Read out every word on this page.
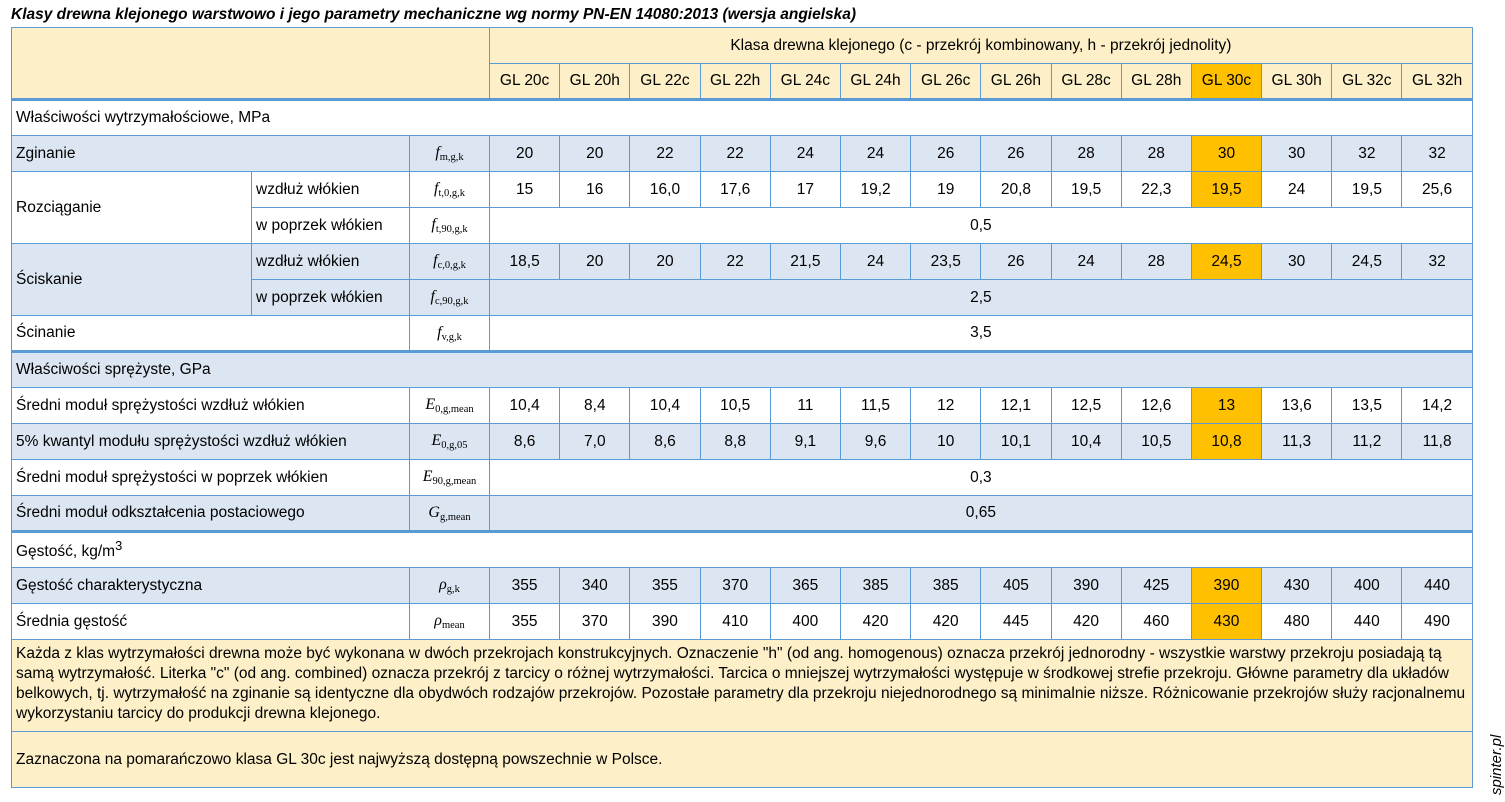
Klasy drewna klejonego warstwowo i jego parametry mechaniczne wg normy PN-EN 14080:2013 (wersja angielska)
			Klasa drewna klejonego (c - przekrój kombinowany, h - przekrój jednolity)													
			GL 20c	GL 20h	GL 22c	GL 22h	GL 24c	GL 24h	GL 26c	GL 26h	GL 28c	GL 28h	GL 30c	GL 30h	GL 32c	GL 32h
Właściwości wytrzymałościowe, MPa																
Zginanie		$f_{m,g,k}$	20	20	22	22	24	24	26	26	28	28	30	30	32	32
Rozciąganie	wzdłuż włókien	$f_{t,0,g,k}$	15	16	16,0	17,6	17	19,2	19	20,8	19,5	22,3	19,5	24	19,5	25,6
	w poprzek włókien	$f_{t,90,g,k}$	0,5													
Ściskanie	wzdłuż włókien	$f_{c,0,g,k}$	18,5	20	20	22	21,5	24	23,5	26	24	28	24,5	30	24,5	32
	w poprzek włókien	$f_{c,90,g,k}$	2,5													
Ścinanie		$f_{v,g,k}$	3,5													
Właściwości sprężyste, GPa																
Średni moduł sprężystości wzdłuż włókien		$E_{0,g,mean}$	10,4	8,4	10,4	10,5	11	11,5	12	12,1	12,5	12,6	13	13,6	13,5	14,2
5% kwantyl modułu sprężystości wzdłuż włókien		$E_{0,g,05}$	8,6	7,0	8,6	8,8	9,1	9,6	10	10,1	10,4	10,5	10,8	11,3	11,2	11,8
Średni moduł sprężystości w poprzek włókien		$E_{90,g,mean}$	0,3													
Średni moduł odkształcenia postaciowego		$G_{g,mean}$	0,65													
Gęstość, $kg/m^3$
Gęstość charakterystyczna		$\rho_{g,k}$	355	340	355	370	365	385	385	405	390	425	390	430	400	440
Średnia gęstość		$\rho_{mean}$	355	370	390	410	400	420	420	445	420	460	430	480	440	490
Każda z klas wytrzymałości drewna może być wykonana w dwóch przekrojach konstrukcyjnych. Oznaczenie "h" (od ang. homogenous) oznacza przekrój jednorodny - wszystkie warstwy przekroju posiadają tą samą wytrzymałość. Literka "c" (od ang. combined) oznacza przekrój z tarcicy o różnej wytrzymałości. Tarcica o mniejszej wytrzymałości występuje w środkowej strefie przekroju. Główne parametry dla układów belkowych, tj. wytrzymałość na zginanie są identyczne dla obydwóch rodzajów przekrojów. Pozostałe parametry dla przekroju niejednorodnego są minimalnie niższe. Różnicowanie przekrojów służy racjonalnemu wykorzystaniu tarcicy do produkcji drewna klejonego.																
Zaznaczona na pomarańczowo klasa GL 30c jest najwyższą dostępną powszechnie w Polsce.																	spinter.pl
